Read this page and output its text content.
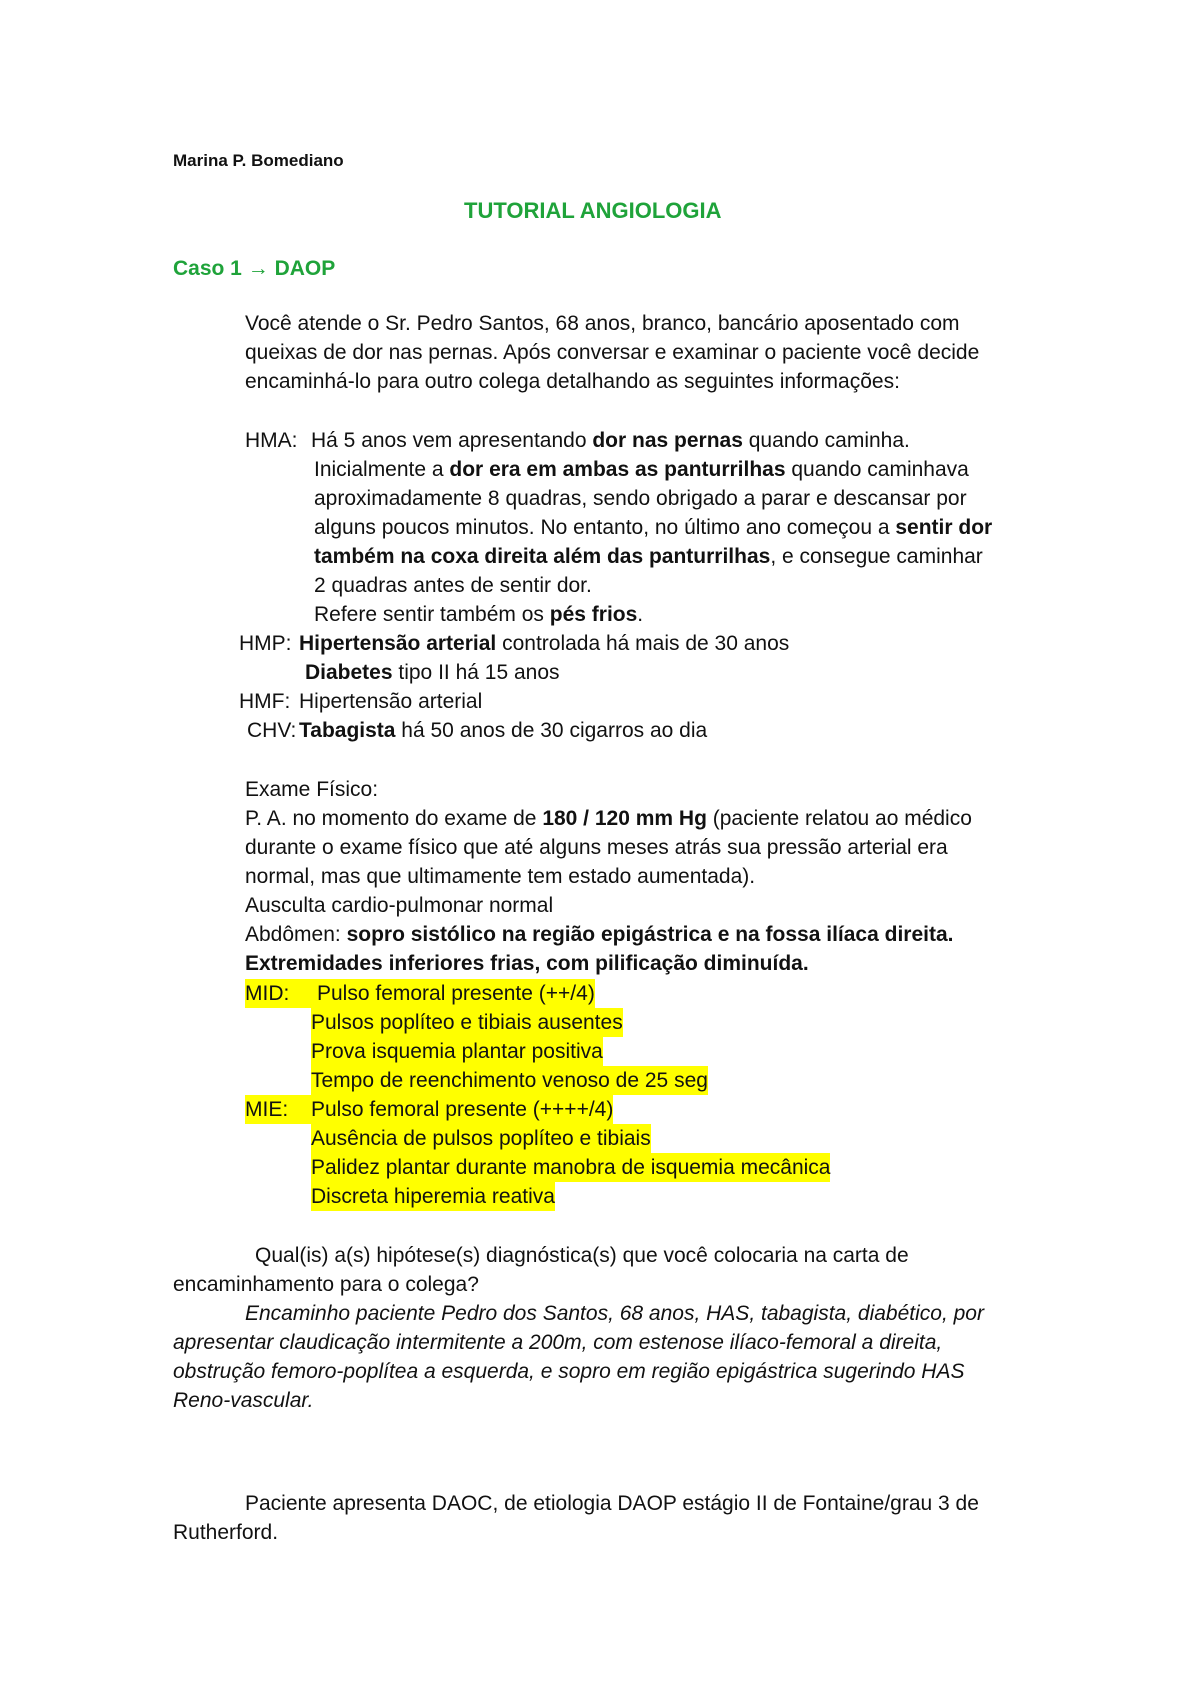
Marina P. Bomediano
TUTORIAL ANGIOLOGIA
Caso 1 → DAOP
Você atende o Sr. Pedro Santos, 68 anos, branco, bancário aposentado com
queixas de dor nas pernas. Após conversar e examinar o paciente você decide
encaminhá-lo para outro colega detalhando as seguintes informações:
HMA: Há 5 anos vem apresentando dor nas pernas quando caminha.
Inicialmente a dor era em ambas as panturrilhas quando caminhava
aproximadamente 8 quadras, sendo obrigado a parar e descansar por
alguns poucos minutos. No entanto, no último ano começou a sentir dor
também na coxa direita além das panturrilhas, e consegue caminhar
2 quadras antes de sentir dor.
Refere sentir também os pés frios.
HMP: Hipertensão arterial controlada há mais de 30 anos
Diabetes tipo II há 15 anos
HMF: Hipertensão arterial
CHV: Tabagista há 50 anos de 30 cigarros ao dia
Exame Físico:
P. A. no momento do exame de 180 / 120 mm Hg (paciente relatou ao médico
durante o exame físico que até alguns meses atrás sua pressão arterial era
normal, mas que ultimamente tem estado aumentada).
Ausculta cardio-pulmonar normal
Abdômen: sopro sistólico na região epigástrica e na fossa ilíaca direita.
Extremidades inferiores frias, com pilificação diminuída.
MID:	Pulso femoral presente (++/4)
Pulsos poplíteo e tibiais ausentes
Prova isquemia plantar positiva
Tempo de reenchimento venoso de 25 seg
MIE:	Pulso femoral presente (++++/4)
Ausência de pulsos poplíteo e tibiais
Palidez plantar durante manobra de isquemia mecânica
Discreta hiperemia reativa
Qual(is) a(s) hipótese(s) diagnóstica(s) que você colocaria na carta de
encaminhamento para o colega?
Encaminho paciente Pedro dos Santos, 68 anos, HAS, tabagista, diabético, por
apresentar claudicação intermitente a 200m, com estenose ilíaco-femoral a direita,
obstrução femoro-poplítea a esquerda, e sopro em região epigástrica sugerindo HAS
Reno-vascular.
Paciente apresenta DAOC, de etiologia DAOP estágio II de Fontaine/grau 3 de
Rutherford.
